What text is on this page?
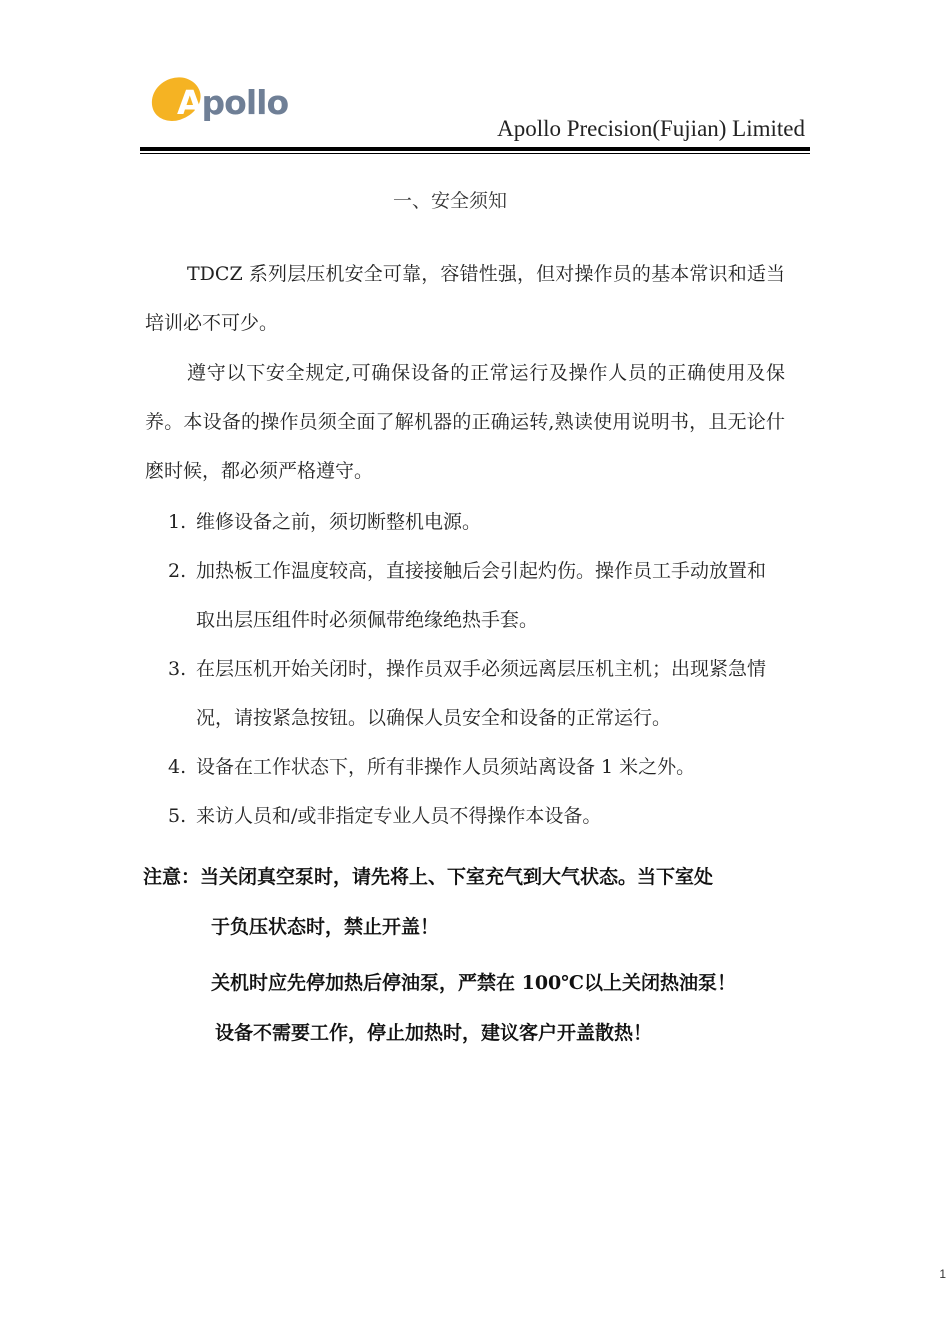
Apollo
Apollo Precision(Fujian) Limited
一、安全须知

TDCZ 系列层压机安全可靠，容错性强，但对操作员的基本常识和适当培训必不可少。

遵守以下安全规定,可确保设备的正常运行及操作人员的正确使用及保养。本设备的操作员须全面了解机器的正确运转,熟读使用说明书，且无论什麽时候，都必须严格遵守。

1. 维修设备之前，须切断整机电源。
2. 加热板工作温度较高，直接接触后会引起灼伤。操作员工手动放置和取出层压组件时必须佩带绝缘绝热手套。
3. 在层压机开始关闭时，操作员双手必须远离层压机主机；出现紧急情况，请按紧急按钮。以确保人员安全和设备的正常运行。
4. 设备在工作状态下，所有非操作人员须站离设备 1 米之外。
5. 来访人员和/或非指定专业人员不得操作本设备。
注意：当关闭真空泵时，请先将上、下室充气到大气状态。当下室处
于负压状态时，禁止开盖！
关机时应先停加热后停油泵，严禁在 100℃以上关闭热油泵！
设备不需要工作，停止加热时，建议客户开盖散热！
1
